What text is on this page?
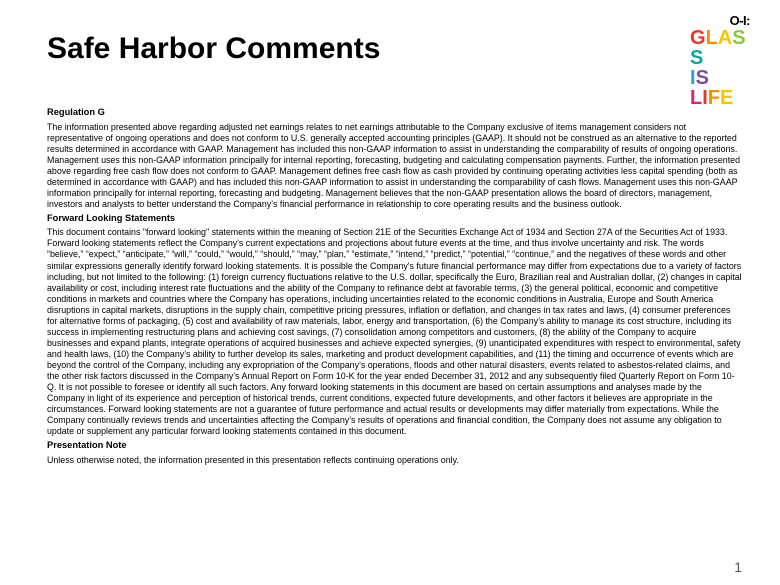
Safe Harbor Comments
O-I:
GLASS
IS
LIFE
Regulation G
The information presented above regarding adjusted net earnings relates to net earnings attributable to the Company exclusive of items management considers not representative of ongoing operations and does not conform to U.S. generally accepted accounting principles (GAAP). It should not be construed as an alternative to the reported results determined in accordance with GAAP. Management has included this non-GAAP information to assist in understanding the comparability of results of ongoing operations. Management uses this non-GAAP information principally for internal reporting, forecasting, budgeting and calculating compensation payments. Further, the information presented above regarding free cash flow does not conform to GAAP. Management defines free cash flow as cash provided by continuing operating activities less capital spending (both as determined in accordance with GAAP) and has included this non-GAAP information to assist in understanding the comparability of cash flows. Management uses this non-GAAP information principally for internal reporting, forecasting and budgeting. Management believes that the non-GAAP presentation allows the board of directors, management, investors and analysts to better understand the Company’s financial performance in relationship to core operating results and the business outlook.
Forward Looking Statements
This document contains "forward looking" statements within the meaning of Section 21E of the Securities Exchange Act of 1934 and Section 27A of the Securities Act of 1933. Forward looking statements reflect the Company's current expectations and projections about future events at the time, and thus involve uncertainty and risk. The words “believe,” “expect,” “anticipate,” “will,” “could,” “would,” “should,” “may,” “plan,” “estimate,” “intend,” “predict,” “potential,” “continue,” and the negatives of these words and other similar expressions generally identify forward looking statements. It is possible the Company's future financial performance may differ from expectations due to a variety of factors including, but not limited to the following: (1) foreign currency fluctuations relative to the U.S. dollar, specifically the Euro, Brazilian real and Australian dollar, (2) changes in capital availability or cost, including interest rate fluctuations and the ability of the Company to refinance debt at favorable terms, (3) the general political, economic and competitive conditions in markets and countries where the Company has operations, including uncertainties related to the economic conditions in Australia, Europe and South America disruptions in capital markets, disruptions in the supply chain, competitive pricing pressures, inflation or deflation, and changes in tax rates and laws, (4) consumer preferences for alternative forms of packaging, (5) cost and availability of raw materials, labor, energy and transportation, (6) the Company’s ability to manage its cost structure, including its success in implementing restructuring plans and achieving cost savings, (7) consolidation among competitors and customers, (8) the ability of the Company to acquire businesses and expand plants, integrate operations of acquired businesses and achieve expected synergies, (9) unanticipated expenditures with respect to environmental, safety and health laws, (10) the Company’s ability to further develop its sales, marketing and product development capabilities, and (11) the timing and occurrence of events which are beyond the control of the Company, including any expropriation of the Company’s operations, floods and other natural disasters, events related to asbestos-related claims, and the other risk factors discussed in the Company’s Annual Report on Form 10-K for the year ended December 31, 2012 and any subsequently filed Quarterly Report on Form 10-Q. It is not possible to foresee or identify all such factors. Any forward looking statements in this document are based on certain assumptions and analyses made by the Company in light of its experience and perception of historical trends, current conditions, expected future developments, and other factors it believes are appropriate in the circumstances. Forward looking statements are not a guarantee of future performance and actual results or developments may differ materially from expectations. While the Company continually reviews trends and uncertainties affecting the Company’s results of operations and financial condition, the Company does not assume any obligation to update or supplement any particular forward looking statements contained in this document.
Presentation Note
Unless otherwise noted, the information presented in this presentation reflects continuing operations only.
1
